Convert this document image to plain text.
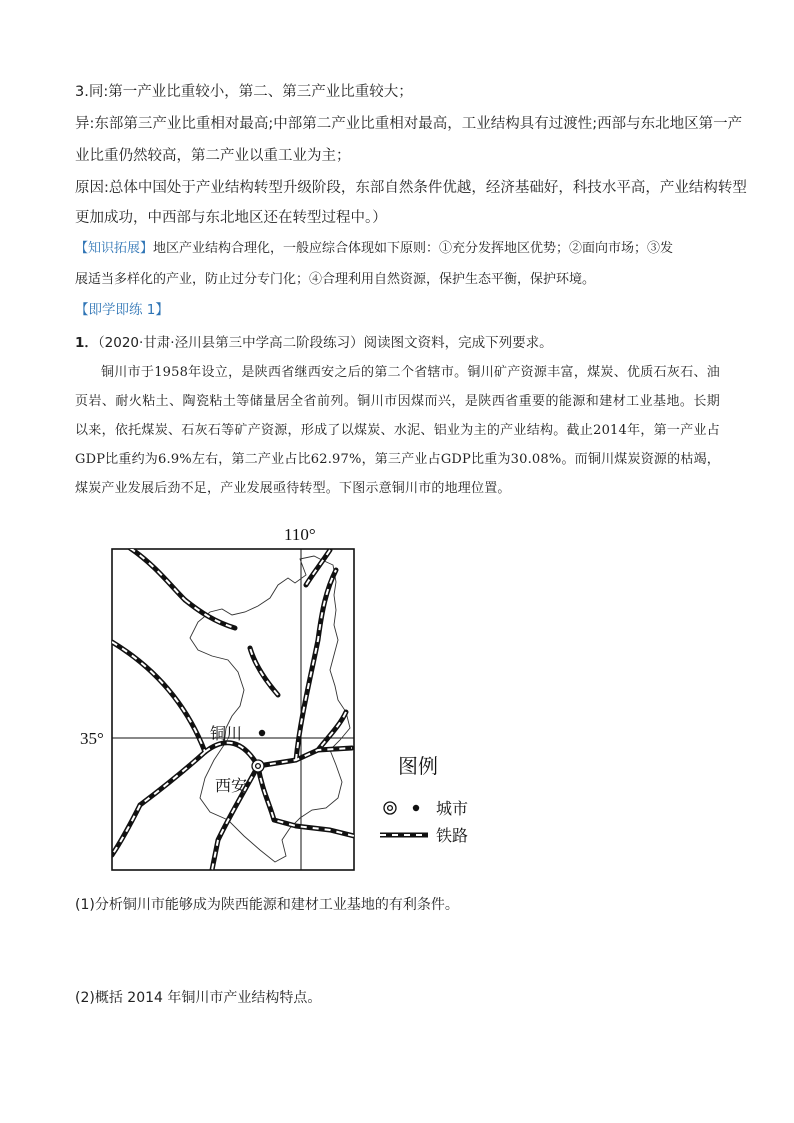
3.同:第一产业比重较小，第二、第三产业比重较大；
异:东部第三产业比重相对最高;中部第二产业比重相对最高，工业结构具有过渡性;西部与东北地区第一产
业比重仍然较高，第二产业以重工业为主；
原因:总体中国处于产业结构转型升级阶段，东部自然条件优越，经济基础好，科技水平高，产业结构转型
更加成功，中西部与东北地区还在转型过程中。）
【知识拓展】地区产业结构合理化，一般应综合体现如下原则：①充分发挥地区优势；②面向市场；③发
展适当多样化的产业，防止过分专门化；④合理利用自然资源，保护生态平衡，保护环境。
【即学即练 1】
1．（2020·甘肃·泾川县第三中学高二阶段练习）阅读图文资料，完成下列要求。
铜川市于1958年设立，是陕西省继西安之后的第二个省辖市。铜川矿产资源丰富，煤炭、优质石灰石、油页岩、耐火粘土、陶瓷粘土等储量居全省前列。铜川市因煤而兴，是陕西省重要的能源和建材工业基地。长期以来，依托煤炭、石灰石等矿产资源，形成了以煤炭、水泥、铝业为主的产业结构。截止2014年，第一产业占GDP比重约为6.9%左右，第二产业占比62.97%，第三产业占GDP比重为30.08%。而铜川煤炭资源的枯竭，煤炭产业发展后劲不足，产业发展亟待转型。下图示意铜川市的地理位置。
110°
35°	铜川
西安
图例
城市
铁路
(1)分析铜川市能够成为陕西能源和建材工业基地的有利条件。
(2)概括 2014 年铜川市产业结构特点。
